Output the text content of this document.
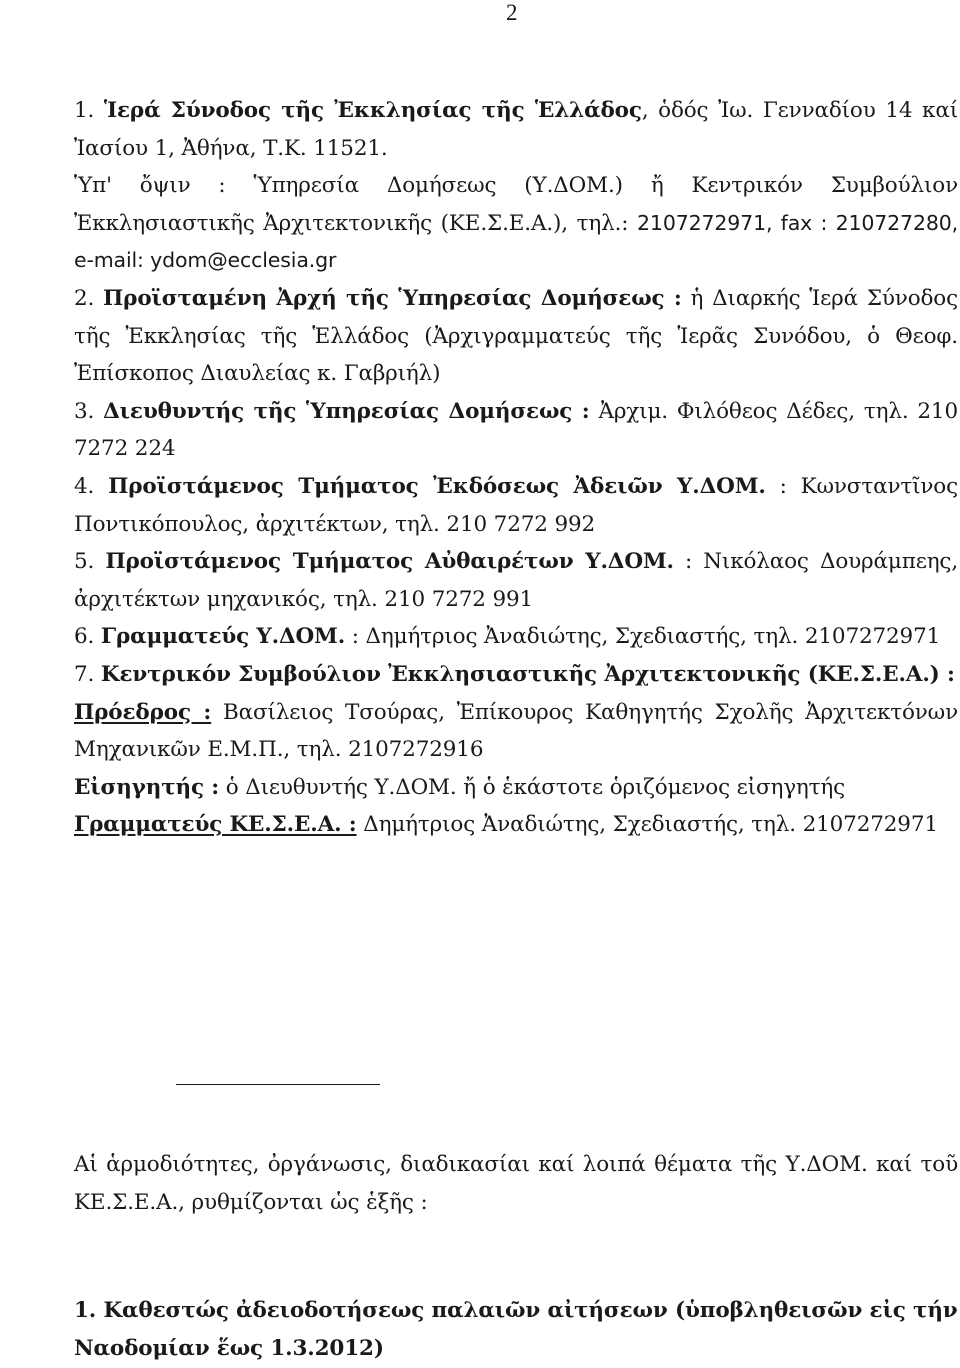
2

1. Ἱερά Σύνοδος τῆς Ἐκκλησίας τῆς Ἑλλάδος, ὁδός Ἰω. Γενναδίου 14 καί Ἰασίου 1, Ἀθήνα, Τ.Κ. 11521.

Ὑπ' ὄψιν : Ὑπηρεσία Δομήσεως (Υ.ΔΟΜ.) ἤ Κεντρικόν Συμβούλιον Ἐκκλησιαστικῆς Ἀρχιτεκτονικῆς (ΚΕ.Σ.Ε.Α.), τηλ.: 2107272971, fax : 210727280, e-mail: ydom@ecclesia.gr

2. Προϊσταμένη Ἀρχή τῆς Ὑπηρεσίας Δομήσεως : ἡ Διαρκής Ἱερά Σύνοδος τῆς Ἐκκλησίας τῆς Ἑλλάδος (Ἀρχιγραμματεύς τῆς Ἱερᾶς Συνόδου, ὁ Θεοφ. Ἐπίσκοπος Διαυλείας κ. Γαβριήλ)

3. Διευθυντής τῆς Ὑπηρεσίας Δομήσεως : Ἀρχιμ. Φιλόθεος Δέδες, τηλ. 210 7272 224

4. Προϊστάμενος Τμήματος Ἐκδόσεως Ἀδειῶν Υ.ΔΟΜ. : Κωνσταντῖνος Ποντικόπουλος, ἀρχιτέκτων, τηλ. 210 7272 992

5. Προϊστάμενος Τμήματος Αὐθαιρέτων Υ.ΔΟΜ. : Νικόλαος Δουράμπεης, ἀρχιτέκτων μηχανικός, τηλ. 210 7272 991

6. Γραμματεύς Υ.ΔΟΜ. : Δημήτριος Ἀναδιώτης, Σχεδιαστής, τηλ. 2107272971

7. Κεντρικόν Συμβούλιον Ἐκκλησιαστικῆς Ἀρχιτεκτονικῆς (ΚΕ.Σ.Ε.Α.) :

Πρόεδρος : Βασίλειος Τσούρας, Ἐπίκουρος Καθηγητής Σχολῆς Ἀρχιτεκτόνων Μηχανικῶν Ε.Μ.Π., τηλ. 2107272916

Εἰσηγητής : ὁ Διευθυντής Υ.ΔΟΜ. ἤ ὁ ἑκάστοτε ὁριζόμενος εἰσηγητής

Γραμματεύς ΚΕ.Σ.Ε.Α. : Δημήτριος Ἀναδιώτης, Σχεδιαστής, τηλ. 2107272971

Αἱ ἁρμοδιότητες, ὀργάνωσις, διαδικασίαι καί λοιπά θέματα τῆς Υ.ΔΟΜ. καί τοῦ ΚΕ.Σ.Ε.Α., ρυθμίζονται ὡς ἑξῆς :

1. Καθεστώς ἀδειοδοτήσεως παλαιῶν αἰτήσεων (ὑποβληθεισῶν εἰς τήν Ναοδομίαν ἕως 1.3.2012)
